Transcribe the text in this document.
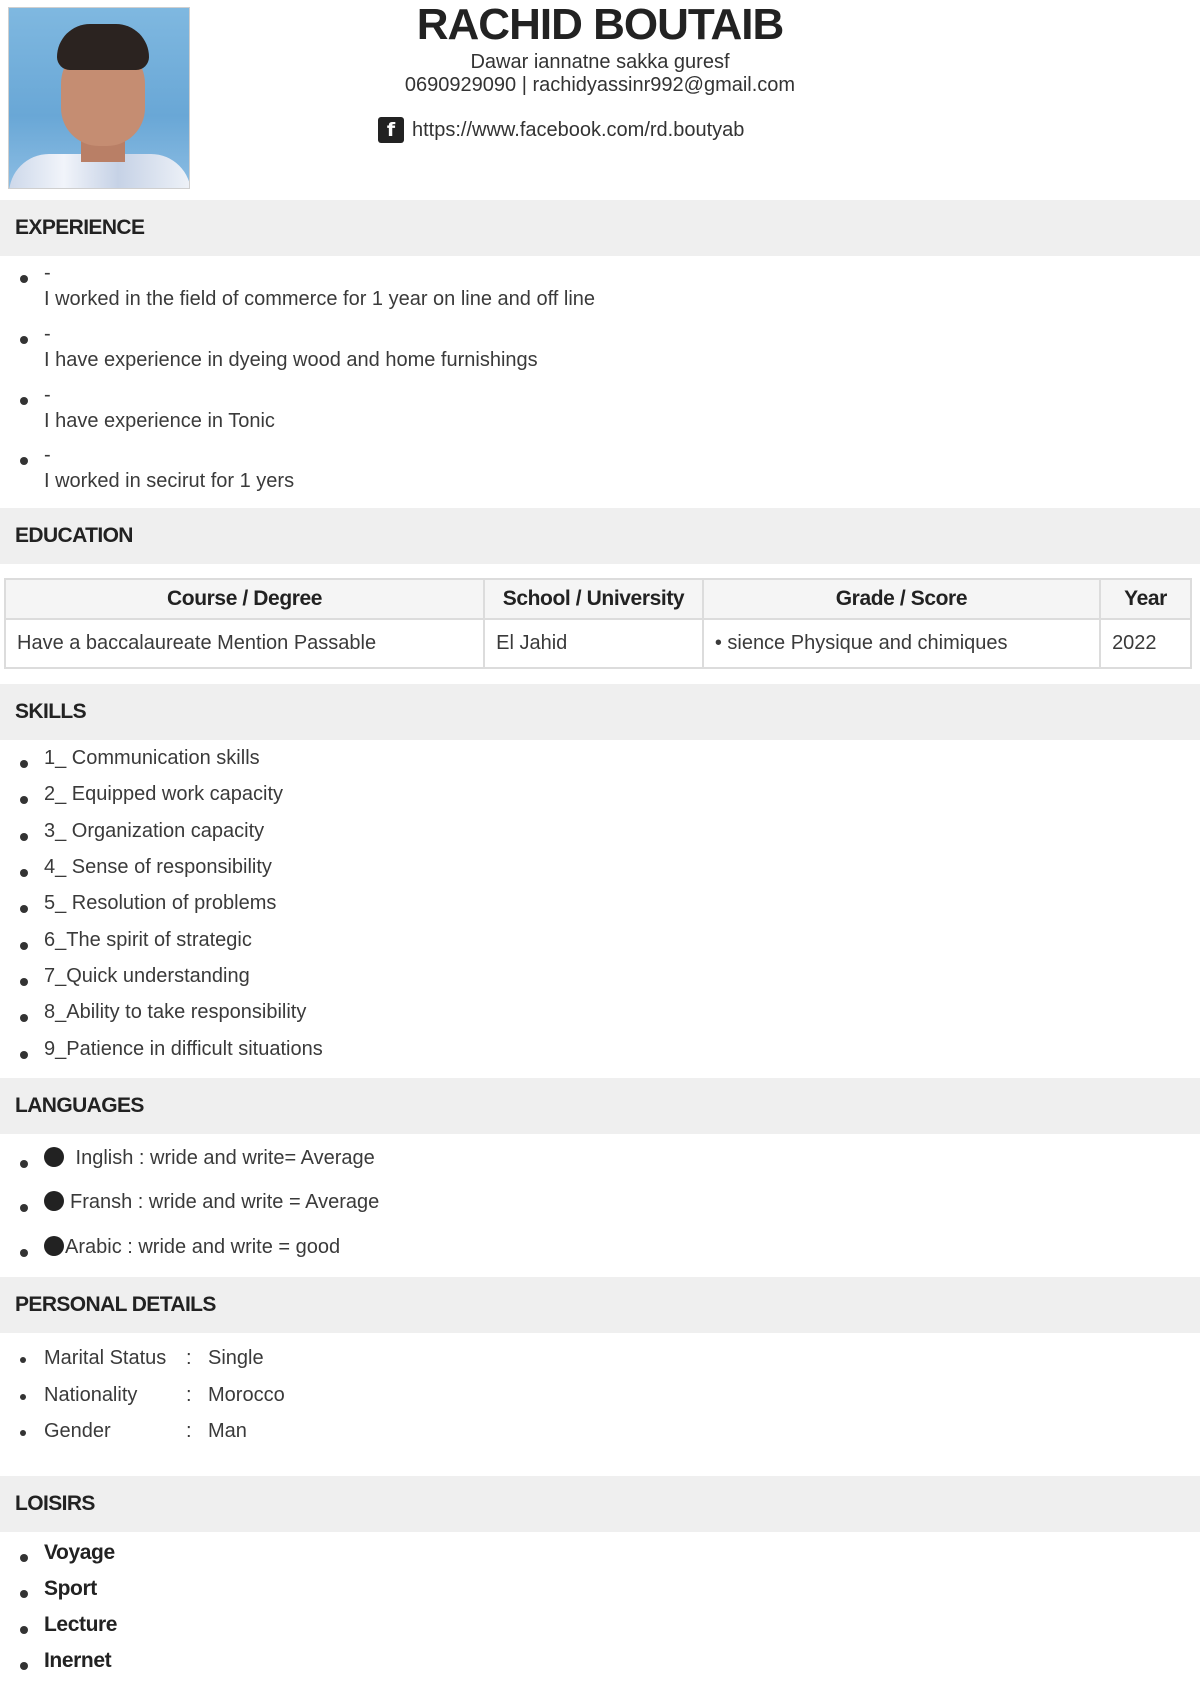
RACHID BOUTAIB

Dawar iannatne sakka guresf

0690929090 | rachidyassinr992@gmail.com

f https://www.facebook.com/rd.boutyab
EXPERIENCE
-
I worked in the field of commerce for 1 year on line and off line
-
I have experience in dyeing wood and home furnishings
-
I have experience in Tonic
-
I worked in secirut for 1 yers
EDUCATION
Course / Degree	School / University	Grade / Score	Year
Have a baccalaureate Mention Passable	El Jahid	• sience Physique and chimiques	2022
SKILLS
1_ Communication skills
2_ Equipped work capacity
3_ Organization capacity
4_ Sense of responsibility
5_ Resolution of problems
6_The spirit of strategic
7_Quick understanding
8_Ability to take responsibility
9_Patience in difficult situations
LANGUAGES
Inglish : wride and write= Average
Fransh : wride and write = Average
Arabic : wride and write = good
PERSONAL DETAILS
Marital Status : Single
Nationality : Morocco
Gender	: Man
LOISIRS
Voyage
Sport
Lecture
Inernet
